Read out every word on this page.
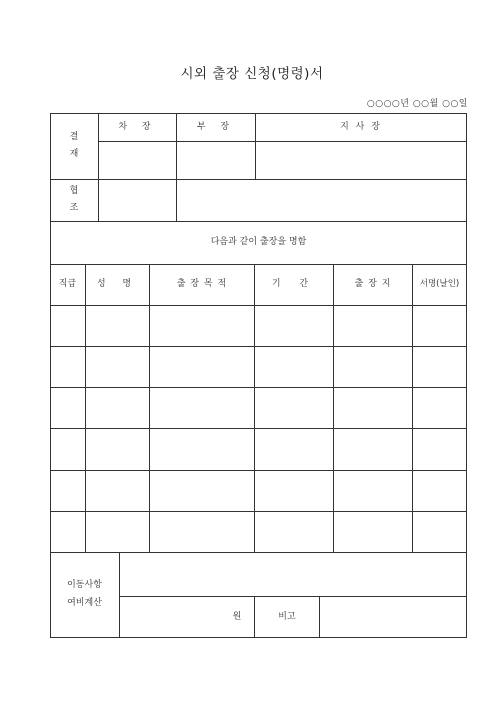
시외 출장 신청(명령)서
○○○○년 ○○월 ○○일
결
재
차 장	부 장	지 사 장
협
조
다음과 같이 출장을 명함
직급	성 명	출 장 목 적	기 간	출 장 지	서명(날인)
이동사항
여비계산
원	비고
